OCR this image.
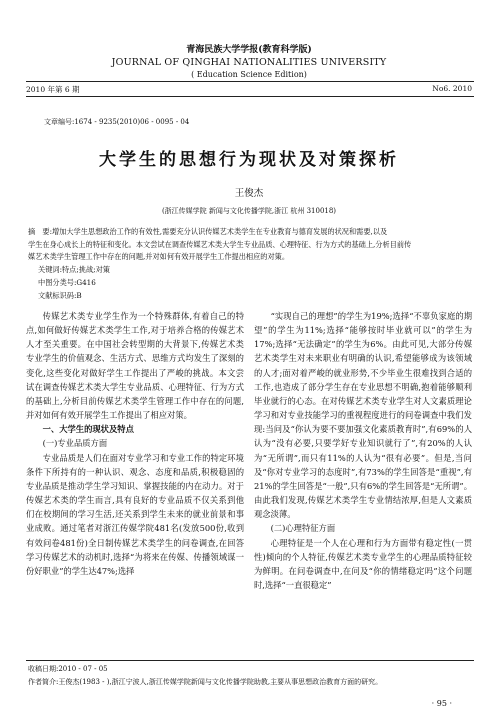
青海民族大学学报(教育科学版)
JOURNAL OF QINGHAI NATIONALITIES UNIVERSITY
( Education Science Edition)
2010 年第 6 期	No6. 2010
文章编号:1674 - 9235(2010)06 - 0095 - 04
大学生的思想行为现状及对策探析
王俊杰
(浙江传媒学院 新闻与文化传播学院,浙江 杭州 310018)
摘　要:增加大学生思想政治工作的有效性,需要充分认识传媒艺术类学生在专业教育与德育发展的状况和需要,以及
学生在身心成长上的特征和变化。本文尝试在调查传媒艺术类大学生专业品质、心理特征、行为方式的基础上,分析目前传
媒艺术类学生管理工作中存在的问题,并对如何有效开展学生工作提出相应的对策。
关键词:特点;挑战;对策
中图分类号:G416
文献标识码:B

传媒艺术类专业学生作为一个特殊群体,有着自己的特点,如何做好传媒艺术类学生工作,对于培养合格的传媒艺术人才至关重要。在中国社会转型期的大背景下,传媒艺术类专业学生的价值观念、生活方式、思维方式均发生了深刻的变化,这些变化对做好学生工作提出了严峻的挑战。本文尝试在调查传媒艺术类大学生专业品质、心理特征、行为方式的基础上,分析目前传媒艺术类学生管理工作中存在的问题,并对如何有效开展学生工作提出了相应对策。

一、大学生的现状及特点

(一)专业品质方面

专业品质是人们在面对专业学习和专业工作的特定环境条件下所持有的一种认识、观念、态度和品质,积极稳固的专业品质是推动学生学习知识、掌握技能的内在动力。对于传媒艺术类的学生而言,具有良好的专业品质不仅关系到他们在校期间的学习生活,还关系到学生未来的就业前景和事业成败。通过笔者对浙江传媒学院481名(发放500份,收到有效问卷481份)全日制传媒艺术类学生的问卷调查,在回答学习传媒艺术的动机时,选择“为将来在传媒、传播领域谋一份好职业”的学生达47%;选择

“实现自己的理想”的学生为19%;选择“不辜负家庭的期望”的学生为11%;选择“能够按时毕业就可以”的学生为17%;选择“无法确定”的学生为6%。由此可见,大部分传媒艺术类学生对未来职业有明确的认识,希望能够成为该领域的人才;面对着严峻的就业形势,不少毕业生很难找到合适的工作,也造成了部分学生存在专业思想不明确,抱着能够顺利毕业就行的心态。在对传媒艺术类专业学生对人文素质理论学习和对专业技能学习的重视程度进行的问卷调查中我们发现:当问及“你认为要不要加强文化素质教育时”,有69%的人认为“没有必要,只要学好专业知识就行了”,有20%的人认为“无所谓”,而只有11%的人认为“很有必要”。但是,当问及“你对专业学习的态度时”,有73%的学生回答是“重视”,有21%的学生回答是“一般”,只有6%的学生回答是“无所谓”。由此我们发现,传媒艺术类学生专业情结浓厚,但是人文素质观念淡薄。

(二)心理特征方面

心理特征是一个人在心理和行为方面带有稳定性(一贯性)倾向的个人特征,传媒艺术类专业学生的心理品质特征较为鲜明。在问卷调查中,在问及“你的情绪稳定吗”这个问题时,选择“一直很稳定”

收稿日期:2010 - 07 - 05
作者简介:王俊杰(1983 - ),浙江宁波人,浙江传媒学院新闻与文化传播学院助教,主要从事思想政治教育方面的研究。
· 95 ·
